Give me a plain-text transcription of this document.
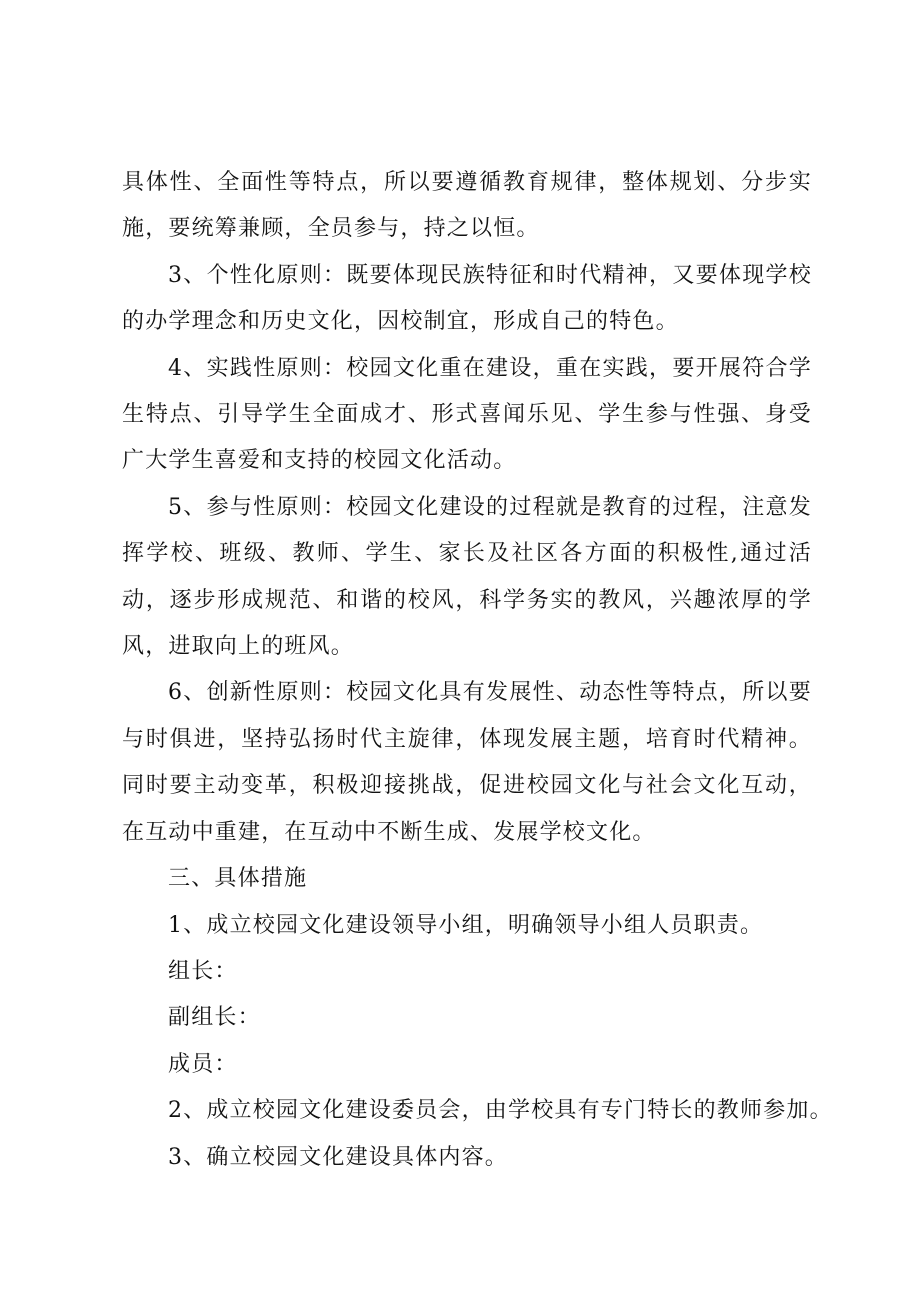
具体性、全面性等特点，所以要遵循教育规律，整体规划、分步实施，要统筹兼顾，全员参与，持之以恒。

3、个性化原则：既要体现民族特征和时代精神，又要体现学校的办学理念和历史文化，因校制宜，形成自己的特色。

4、实践性原则：校园文化重在建设，重在实践，要开展符合学生特点、引导学生全面成才、形式喜闻乐见、学生参与性强、身受广大学生喜爱和支持的校园文化活动。

5、参与性原则：校园文化建设的过程就是教育的过程，注意发挥学校、班级、教师、学生、家长及社区各方面的积极性,通过活动，逐步形成规范、和谐的校风，科学务实的教风，兴趣浓厚的学风，进取向上的班风。

6、创新性原则：校园文化具有发展性、动态性等特点，所以要与时俱进，坚持弘扬时代主旋律，体现发展主题，培育时代精神。同时要主动变革，积极迎接挑战，促进校园文化与社会文化互动，在互动中重建，在互动中不断生成、发展学校文化。

三、具体措施

1、成立校园文化建设领导小组，明确领导小组人员职责。

组长：

副组长：

成员：

2、成立校园文化建设委员会，由学校具有专门特长的教师参加。

3、确立校园文化建设具体内容。
